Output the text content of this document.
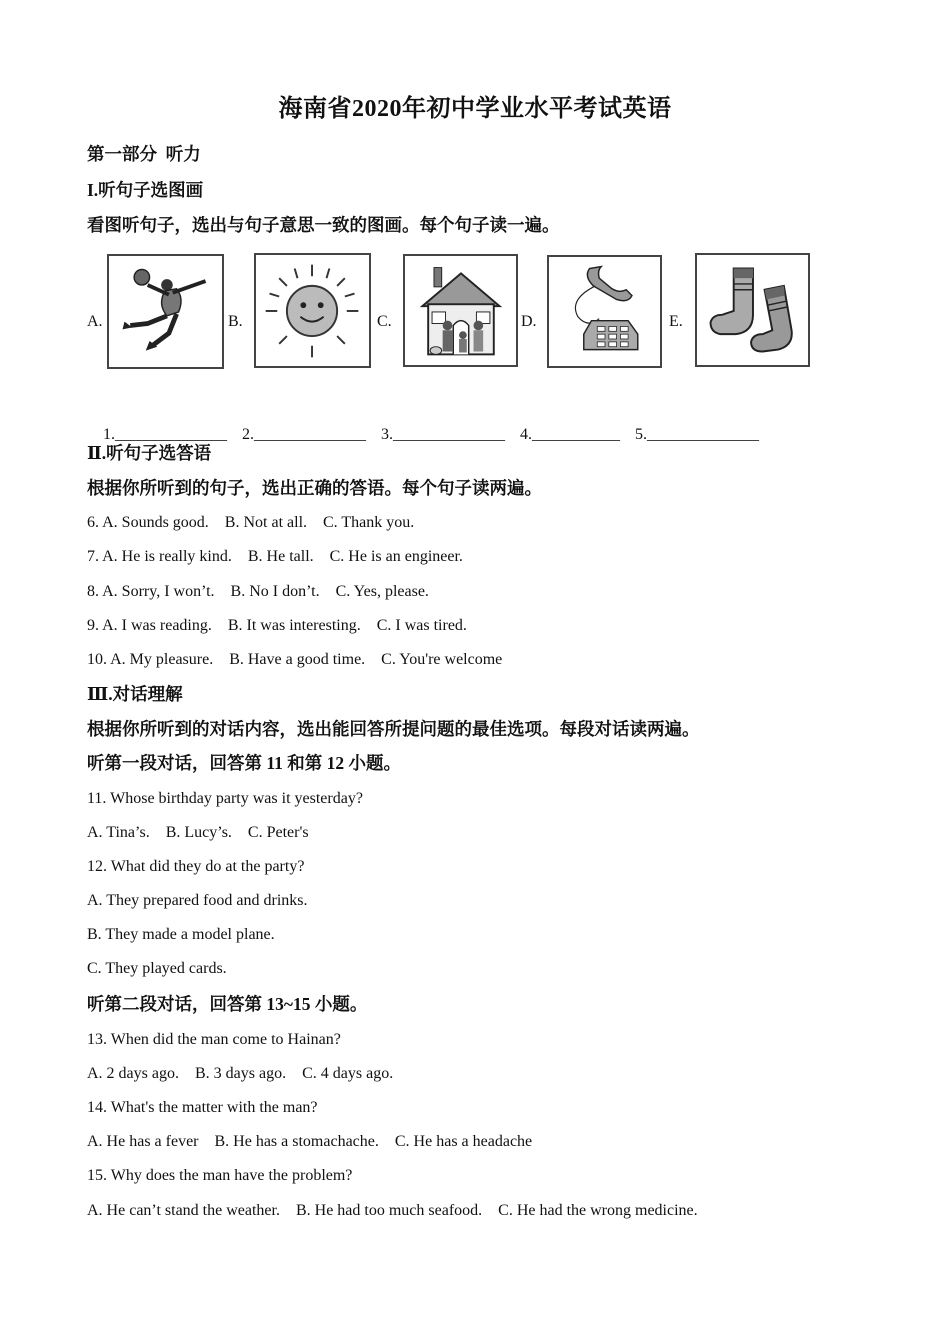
海南省2020年初中学业水平考试英语
第一部分  听力
I.听句子选图画
看图听句子，选出与句子意思一致的图画。每个句子读一遍。
A.	B.	C.	D.	E.

1.______________ 2.______________ 3.______________ 4.___________ 5.______________

Ⅱ.听句子选答语
根据你所听到的句子，选出正确的答语。每个句子读两遍。
6. A. Sounds good.    B. Not at all.    C. Thank you.
7. A. He is really kind.    B. He tall.    C. He is an engineer.
8. A. Sorry, I won’t.    B. No I don’t.    C. Yes, please.
9. A. I was reading.    B. It was interesting.    C. I was tired.
10. A. My pleasure.    B. Have a good time.    C. You're welcome
Ⅲ.对话理解
根据你所听到的对话内容，选出能回答所提问题的最佳选项。每段对话读两遍。
听第一段对话，回答第 11 和第 12 小题。
11. Whose birthday party was it yesterday?
A. Tina’s.    B. Lucy’s.    C. Peter's
12. What did they do at the party?
A. They prepared food and drinks.
B. They made a model plane.
C. They played cards.
听第二段对话，回答第 13~15 小题。
13. When did the man come to Hainan?
A. 2 days ago.    B. 3 days ago.    C. 4 days ago.
14. What's the matter with the man?
A. He has a fever    B. He has a stomachache.    C. He has a headache
15. Why does the man have the problem?
A. He can’t stand the weather.    B. He had too much seafood.    C. He had the wrong medicine.
